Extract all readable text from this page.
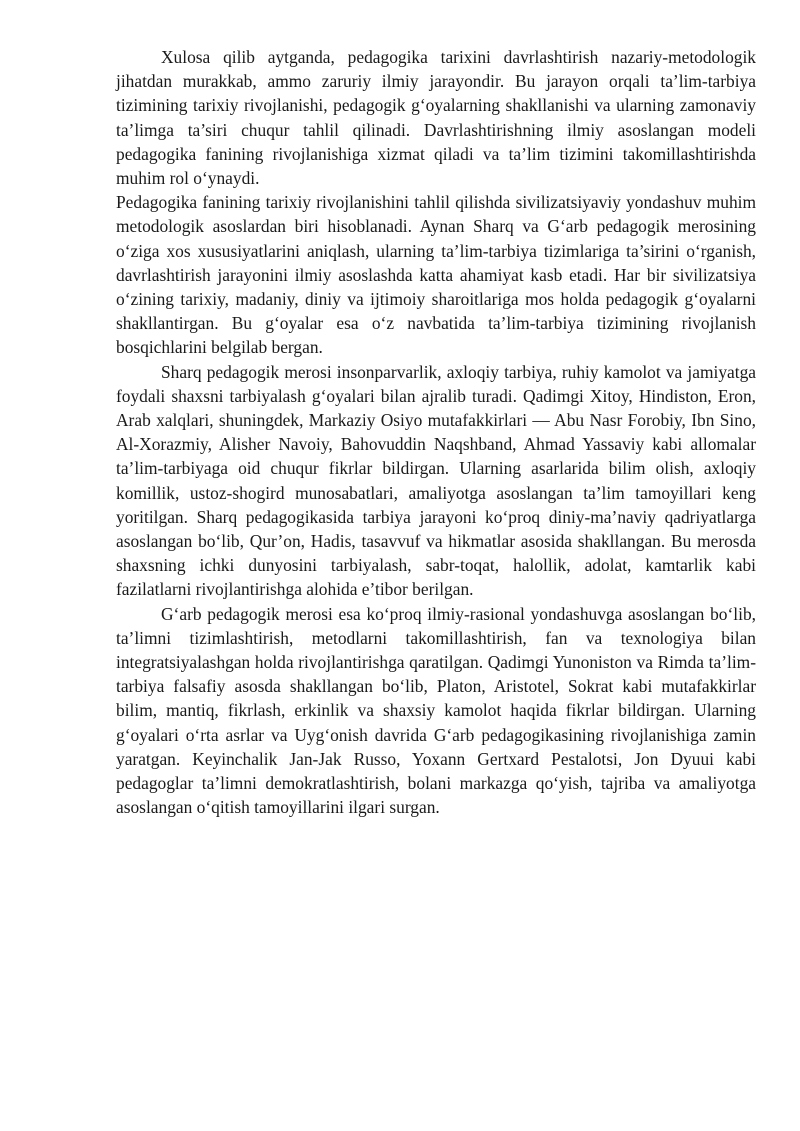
Xulosa qilib aytganda, pedagogika tarixini davrlashtirish nazariy-metodologik jihatdan murakkab, ammo zaruriy ilmiy jarayondir. Bu jarayon orqali ta’lim-tarbiya tizimining tarixiy rivojlanishi, pedagogik g‘oyalarning shakllanishi va ularning zamonaviy ta’limga ta’siri chuqur tahlil qilinadi. Davrlashtirishning ilmiy asoslangan modeli pedagogika fanining rivojlanishiga xizmat qiladi va ta’lim tizimini takomillashtirishda muhim rol o‘ynaydi.

Pedagogika fanining tarixiy rivojlanishini tahlil qilishda sivilizatsiyaviy yondashuv muhim metodologik asoslardan biri hisoblanadi. Aynan Sharq va G‘arb pedagogik merosining o‘ziga xos xususiyatlarini aniqlash, ularning ta’lim-tarbiya tizimlariga ta’sirini o‘rganish, davrlashtirish jarayonini ilmiy asoslashda katta ahamiyat kasb etadi. Har bir sivilizatsiya o‘zining tarixiy, madaniy, diniy va ijtimoiy sharoitlariga mos holda pedagogik g‘oyalarni shakllantirgan. Bu g‘oyalar esa o‘z navbatida ta’lim-tarbiya tizimining rivojlanish bosqichlarini belgilab bergan.

Sharq pedagogik merosi insonparvarlik, axloqiy tarbiya, ruhiy kamolot va jamiyatga foydali shaxsni tarbiyalash g‘oyalari bilan ajralib turadi. Qadimgi Xitoy, Hindiston, Eron, Arab xalqlari, shuningdek, Markaziy Osiyo mutafakkirlari — Abu Nasr Forobiy, Ibn Sino, Al-Xorazmiy, Alisher Navoiy, Bahovuddin Naqshband, Ahmad Yassaviy kabi allomalar ta’lim-tarbiyaga oid chuqur fikrlar bildirgan. Ularning asarlarida bilim olish, axloqiy komillik, ustoz-shogird munosabatlari, amaliyotga asoslangan ta’lim tamoyillari keng yoritilgan. Sharq pedagogikasida tarbiya jarayoni ko‘proq diniy-ma’naviy qadriyatlarga asoslangan bo‘lib, Qur’on, Hadis, tasavvuf va hikmatlar asosida shakllangan. Bu merosda shaxsning ichki dunyosini tarbiyalash, sabr-toqat, halollik, adolat, kamtarlik kabi fazilatlarni rivojlantirishga alohida e’tibor berilgan.

G‘arb pedagogik merosi esa ko‘proq ilmiy-rasional yondashuvga asoslangan bo‘lib, ta’limni tizimlashtirish, metodlarni takomillashtirish, fan va texnologiya bilan integratsiyalashgan holda rivojlantirishga qaratilgan. Qadimgi Yunoniston va Rimda ta’lim-tarbiya falsafiy asosda shakllangan bo‘lib, Platon, Aristotel, Sokrat kabi mutafakkirlar bilim, mantiq, fikrlash, erkinlik va shaxsiy kamolot haqida fikrlar bildirgan. Ularning g‘oyalari o‘rta asrlar va Uyg‘onish davrida G‘arb pedagogikasining rivojlanishiga zamin yaratgan. Keyinchalik Jan-Jak Russo, Yoxann Gertxard Pestalotsi, Jon Dyuui kabi pedagoglar ta’limni demokratlashtirish, bolani markazga qo‘yish, tajriba va amaliyotga asoslangan o‘qitish tamoyillarini ilgari surgan.
